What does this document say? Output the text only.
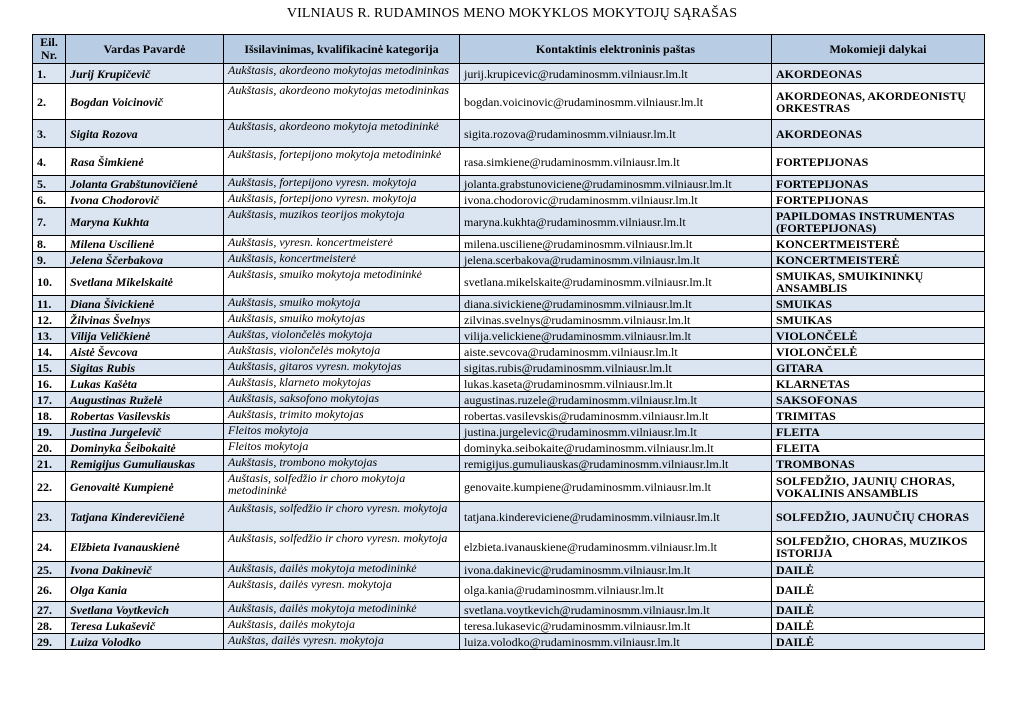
VILNIAUS R. RUDAMINOS MENO MOKYKLOS MOKYTOJŲ SĄRAŠAS
Eil. Nr.	Vardas Pavardė	Išsilavinimas, kvalifikacinė kategorija	Kontaktinis elektroninis paštas	Mokomieji dalykai
1.	Jurij Krupičevič	Aukštasis, akordeono mokytojas metodininkas	jurij.krupicevic@rudaminosmm.vilniausr.lm.lt	AKORDEONAS
2.	Bogdan Voicinovič	Aukštasis, akordeono mokytojas metodininkas	bogdan.voicinovic@rudaminosmm.vilniausr.lm.lt	AKORDEONAS, AKORDEONISTŲ ORKESTRAS
3.	Sigita Rozova	Aukštasis, akordeono mokytoja metodininkė	sigita.rozova@rudaminosmm.vilniausr.lm.lt	AKORDEONAS
4.	Rasa Šimkienė	Aukštasis, fortepijono mokytoja metodininkė	rasa.simkiene@rudaminosmm.vilniausr.lm.lt	FORTEPIJONAS
5.	Jolanta Grabštunovičienė	Aukštasis, fortepijono vyresn. mokytoja	jolanta.grabstunoviciene@rudaminosmm.vilniausr.lm.lt	FORTEPIJONAS
6.	Ivona Chodorovič	Aukštasis, fortepijono vyresn. mokytoja	ivona.chodorovic@rudaminosmm.vilniausr.lm.lt	FORTEPIJONAS
7.	Maryna Kukhta	Aukštasis, muzikos teorijos mokytoja	maryna.kukhta@rudaminosmm.vilniausr.lm.lt	PAPILDOMAS INSTRUMENTAS (FORTEPIJONAS)
8.	Milena Uscilienė	Aukštasis, vyresn. koncertmeisterė	milena.usciliene@rudaminosmm.vilniausr.lm.lt	KONCERTMEISTERĖ
9.	Jelena Ščerbakova	Aukštasis, koncertmeisterė	jelena.scerbakova@rudaminosmm.vilniausr.lm.lt	KONCERTMEISTERĖ
10.	Svetlana Mikelskaitė	Aukštasis, smuiko mokytoja metodininkė	svetlana.mikelskaite@rudaminosmm.vilniausr.lm.lt	SMUIKAS, SMUIKININKŲ ANSAMBLIS
11.	Diana Šivickienė	Aukštasis, smuiko mokytoja	diana.sivickiene@rudaminosmm.vilniausr.lm.lt	SMUIKAS
12.	Žilvinas Švelnys	Aukštasis, smuiko mokytojas	zilvinas.svelnys@rudaminosmm.vilniausr.lm.lt	SMUIKAS
13.	Vilija Veličkienė	Aukštas, violončelės mokytoja	vilija.velickiene@rudaminosmm.vilniausr.lm.lt	VIOLONČELĖ
14.	Aistė Ševcova	Aukštasis, violončelės mokytoja	aiste.sevcova@rudaminosmm.vilniausr.lm.lt	VIOLONČELĖ
15.	Sigitas Rubis	Aukštasis, gitaros vyresn. mokytojas	sigitas.rubis@rudaminosmm.vilniausr.lm.lt	GITARA
16.	Lukas Kašėta	Aukštasis, klarneto mokytojas	lukas.kaseta@rudaminosmm.vilniausr.lm.lt	KLARNETAS
17.	Augustinas Ruželė	Aukštasis, saksofono mokytojas	augustinas.ruzele@rudaminosmm.vilniausr.lm.lt	SAKSOFONAS
18.	Robertas Vasilevskis	Aukštasis, trimito mokytojas	robertas.vasilevskis@rudaminosmm.vilniausr.lm.lt	TRIMITAS
19.	Justina Jurgelevič	Fleitos mokytoja	justina.jurgelevic@rudaminosmm.vilniausr.lm.lt	FLEITA
20.	Dominyka Šeibokaitė	Fleitos mokytoja	dominyka.seibokaite@rudaminosmm.vilniausr.lm.lt	FLEITA
21.	Remigijus Gumuliauskas	Aukštasis, trombono mokytojas	remigijus.gumuliauskas@rudaminosmm.vilniausr.lm.lt	TROMBONAS
22.	Genovaitė Kumpienė	Auštasis, solfedžio ir choro mokytoja metodininkė	genovaite.kumpiene@rudaminosmm.vilniausr.lm.lt	SOLFEDŽIO, JAUNIŲ CHORAS, VOKALINIS ANSAMBLIS
23.	Tatjana Kinderevičienė	Aukštasis, solfedžio ir choro vyresn. mokytoja	tatjana.kindereviciene@rudaminosmm.vilniausr.lm.lt	SOLFEDŽIO, JAUNUČIŲ CHORAS
24.	Elžbieta Ivanauskienė	Aukštasis, solfedžio ir choro vyresn. mokytoja	elzbieta.ivanauskiene@rudaminosmm.vilniausr.lm.lt	SOLFEDŽIO, CHORAS, MUZIKOS ISTORIJA
25.	Ivona Dakinevič	Aukštasis, dailės mokytoja metodininkė	ivona.dakinevic@rudaminosmm.vilniausr.lm.lt	DAILĖ
26.	Olga Kania	Aukštasis, dailės vyresn. mokytoja	olga.kania@rudaminosmm.vilniausr.lm.lt	DAILĖ
27.	Svetlana Voytkevich	Aukštasis, dailės mokytoja metodininkė	svetlana.voytkevich@rudaminosmm.vilniausr.lm.lt	DAILĖ
28.	Teresa Lukaševič	Aukštasis, dailės mokytoja	teresa.lukasevic@rudaminosmm.vilniausr.lm.lt	DAILĖ
29.	Luiza Volodko	Aukštas, dailės vyresn. mokytoja	luiza.volodko@rudaminosmm.vilniausr.lm.lt	DAILĖ
